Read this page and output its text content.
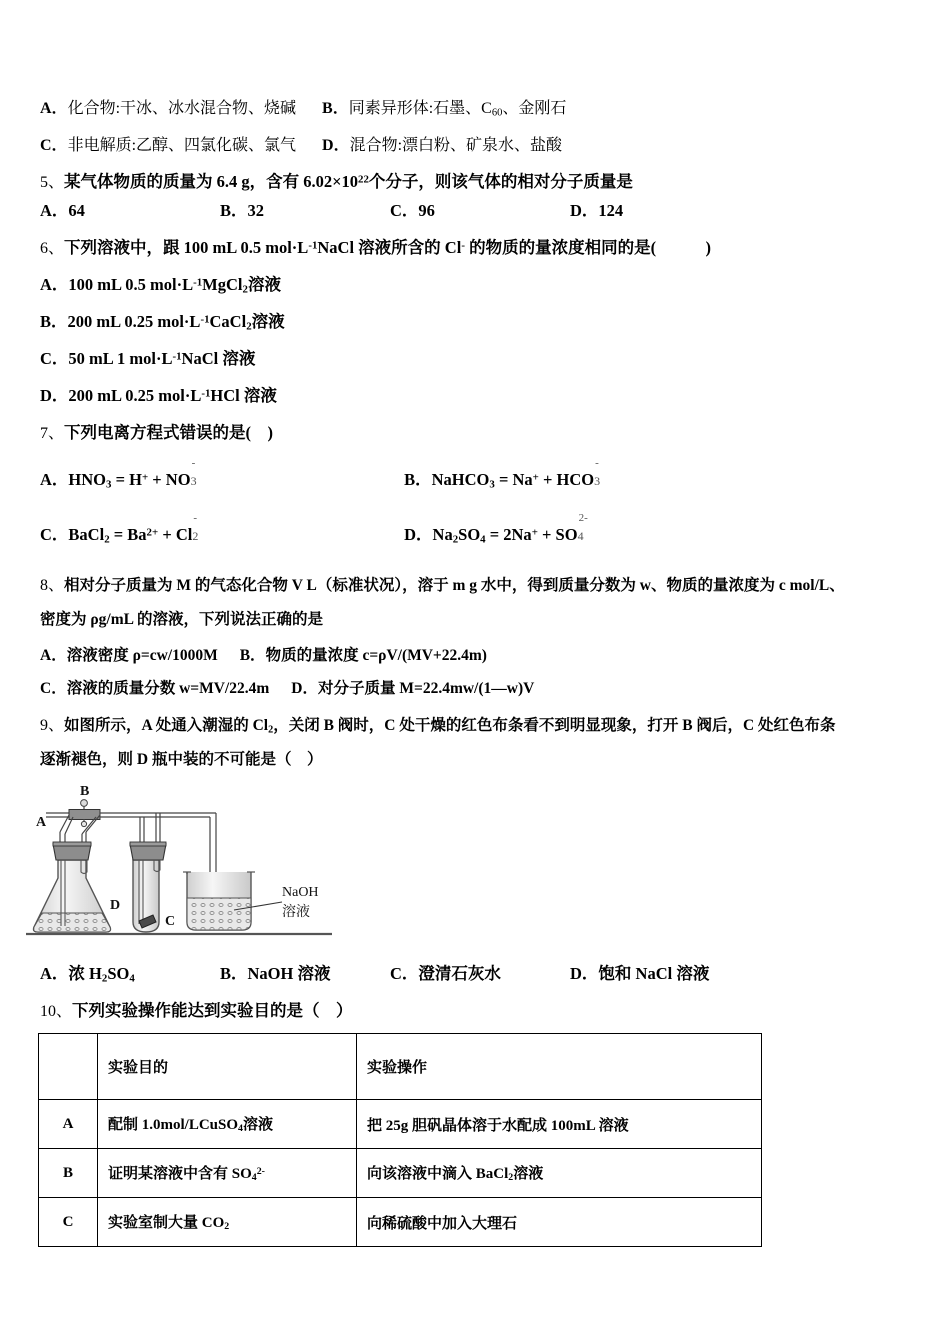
A．化合物:干冰、冰水混合物、烧碱 B．同素异形体:石墨、$C_{60}$、金刚石
C．非电解质:乙醇、四氯化碳、氯气 D．混合物:漂白粉、矿泉水、盐酸
5、某气体物质的质量为 6.4 g，含有 $6.02\times 10^{22}$个分子，则该气体的相对分子质量是
A．64	B．32	C．96	D．124
6、下列溶液中，跟 100 mL 0.5 $mol\cdot L^{-1}NaCl$ 溶液所含的 Cl- 的物质的量浓度相同的是(　　　)
A．100 mL 0.5 $mol\cdot L^{-1}MgCl_2$溶液
B．200 mL 0.25 $mol\cdot L^{-1}CaCl_2$溶液
C．50 mL 1 $mol\cdot L^{-1}NaCl$ 溶液
D．200 mL 0.25 $mol\cdot L^{-1}HCl$ 溶液
7、下列电离方程式错误的是(　)
A．$HNO_3 = H^+$ + NO
-
3	B．NaHCO$_3$ = Na+ + HCO
-
3
C．BaCl$_2$ = $Ba^{2+} + Cl$
-
2	D．$Na_2SO_4 = 2Na^+$ + SO
2-
4
8、相对分子质量为 M 的气态化合物 V L（标准状况），溶于 m g 水中，得到质量分数为 w、物质的量浓度为 c mol/L、
密度为 ρg/mL 的溶液，下列说法正确的是
A．溶液密度 ρ=cw/1000M B．物质的量浓度 c=ρV/(MV+22.4m)
C．溶液的质量分数 w=MV/22.4m D．对分子质量 M=22.4mw/(1—w)V
9、如图所示，A 处通入潮湿的 $Cl_2$，关闭 B 阀时，C 处干燥的红色布条看不到明显现象，打开 B 阀后，C 处红色布条
逐渐褪色，则 D 瓶中装的不可能是（　）
A
B
D
C
NaOH
溶液
A．浓 $H_2SO_4$	B．NaOH 溶液	C．澄清石灰水	D．饱和 NaCl 溶液
10、下列实验操作能达到实验目的是（　）
	实验目的	实验操作
A	配制 1.0mol/LCuSO$_4$溶液	把 25g 胆矾晶体溶于水配成 100mL 溶液
B	证明某溶液中含有 $SO_4^{2-}$	向该溶液中滴入 BaCl$_2$溶液
C	实验室制大量 $CO_2$	向稀硫酸中加入大理石
